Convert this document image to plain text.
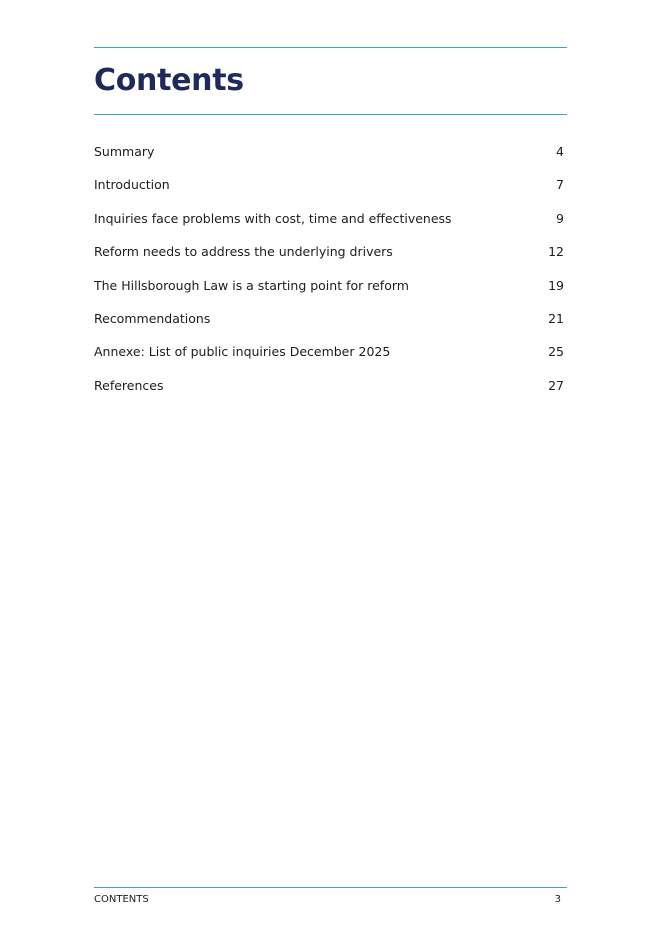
Contents
Summary	4
Introduction	7
Inquiries face problems with cost, time and effectiveness	9
Reform needs to address the underlying drivers	12
The Hillsborough Law is a starting point for reform	19
Recommendations	21
Annexe: List of public inquiries December 2025	25
References	27
CONTENTS	3
